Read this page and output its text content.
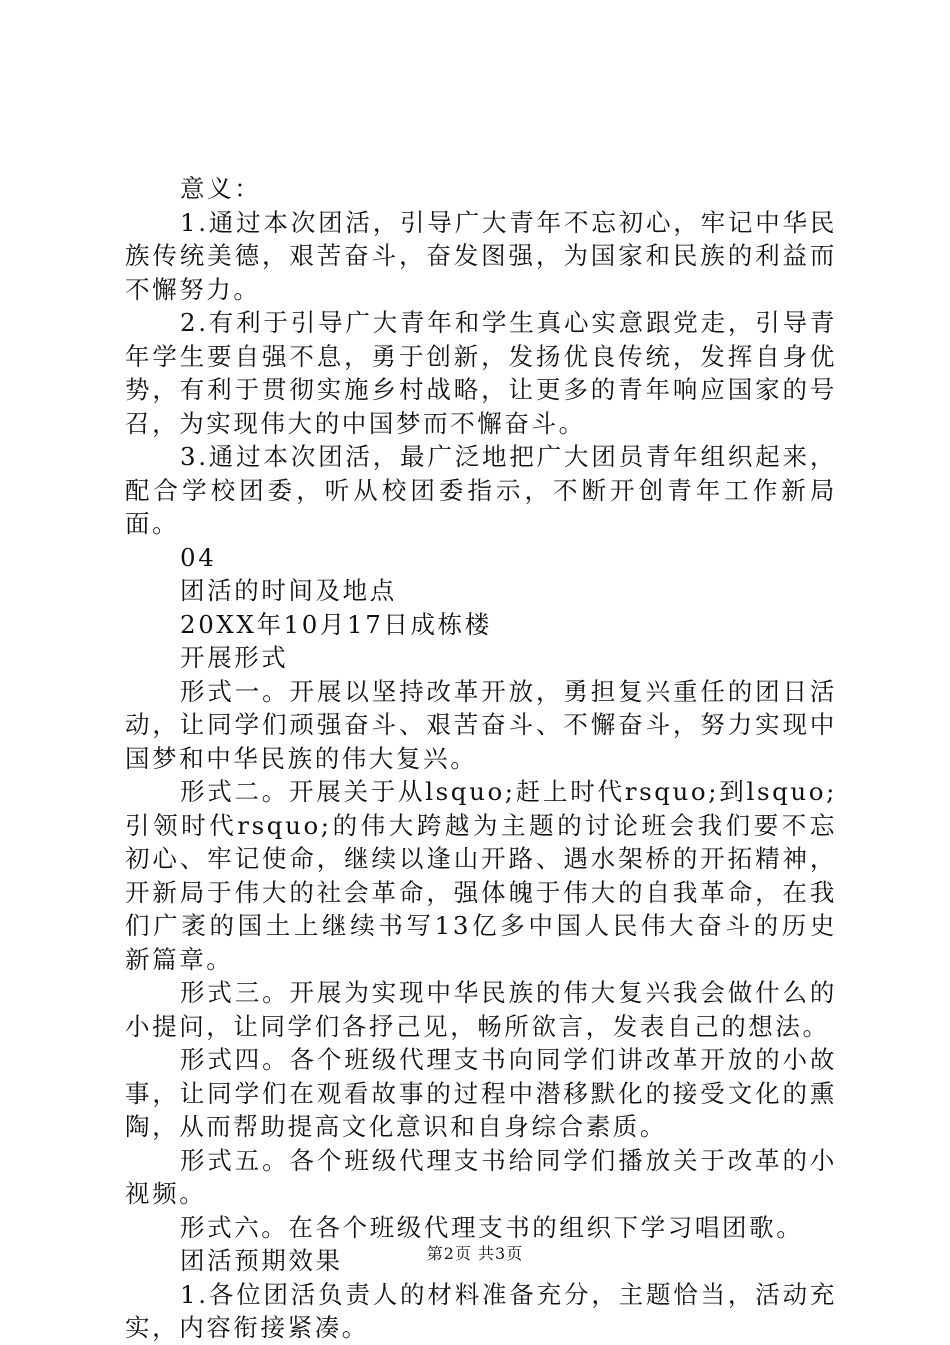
意义：

1.通过本次团活，引导广大青年不忘初心，牢记中华民族传统美德，艰苦奋斗，奋发图强，为国家和民族的利益而不懈努力。

2.有利于引导广大青年和学生真心实意跟党走，引导青年学生要自强不息，勇于创新，发扬优良传统，发挥自身优势，有利于贯彻实施乡村战略，让更多的青年响应国家的号召，为实现伟大的中国梦而不懈奋斗。

3.通过本次团活，最广泛地把广大团员青年组织起来，配合学校团委，听从校团委指示，不断开创青年工作新局面。

04

团活的时间及地点

20XX年10月17日成栋楼

开展形式

形式一。开展以坚持改革开放，勇担复兴重任的团日活动，让同学们顽强奋斗、艰苦奋斗、不懈奋斗，努力实现中国梦和中华民族的伟大复兴。

形式二。开展关于从lsquo;赶上时代rsquo;到lsquo;引领时代rsquo;的伟大跨越为主题的讨论班会我们要不忘初心、牢记使命，继续以逢山开路、遇水架桥的开拓精神，开新局于伟大的社会革命，强体魄于伟大的自我革命，在我们广袤的国土上继续书写13亿多中国人民伟大奋斗的历史新篇章。

形式三。开展为实现中华民族的伟大复兴我会做什么的小提问，让同学们各抒己见，畅所欲言，发表自己的想法。

形式四。各个班级代理支书向同学们讲改革开放的小故事，让同学们在观看故事的过程中潜移默化的接受文化的熏陶，从而帮助提高文化意识和自身综合素质。

形式五。各个班级代理支书给同学们播放关于改革的小视频。

形式六。在各个班级代理支书的组织下学习唱团歌。

团活预期效果

1.各位团活负责人的材料准备充分，主题恰当，活动充实，内容衔接紧凑。

第2页 共3页
